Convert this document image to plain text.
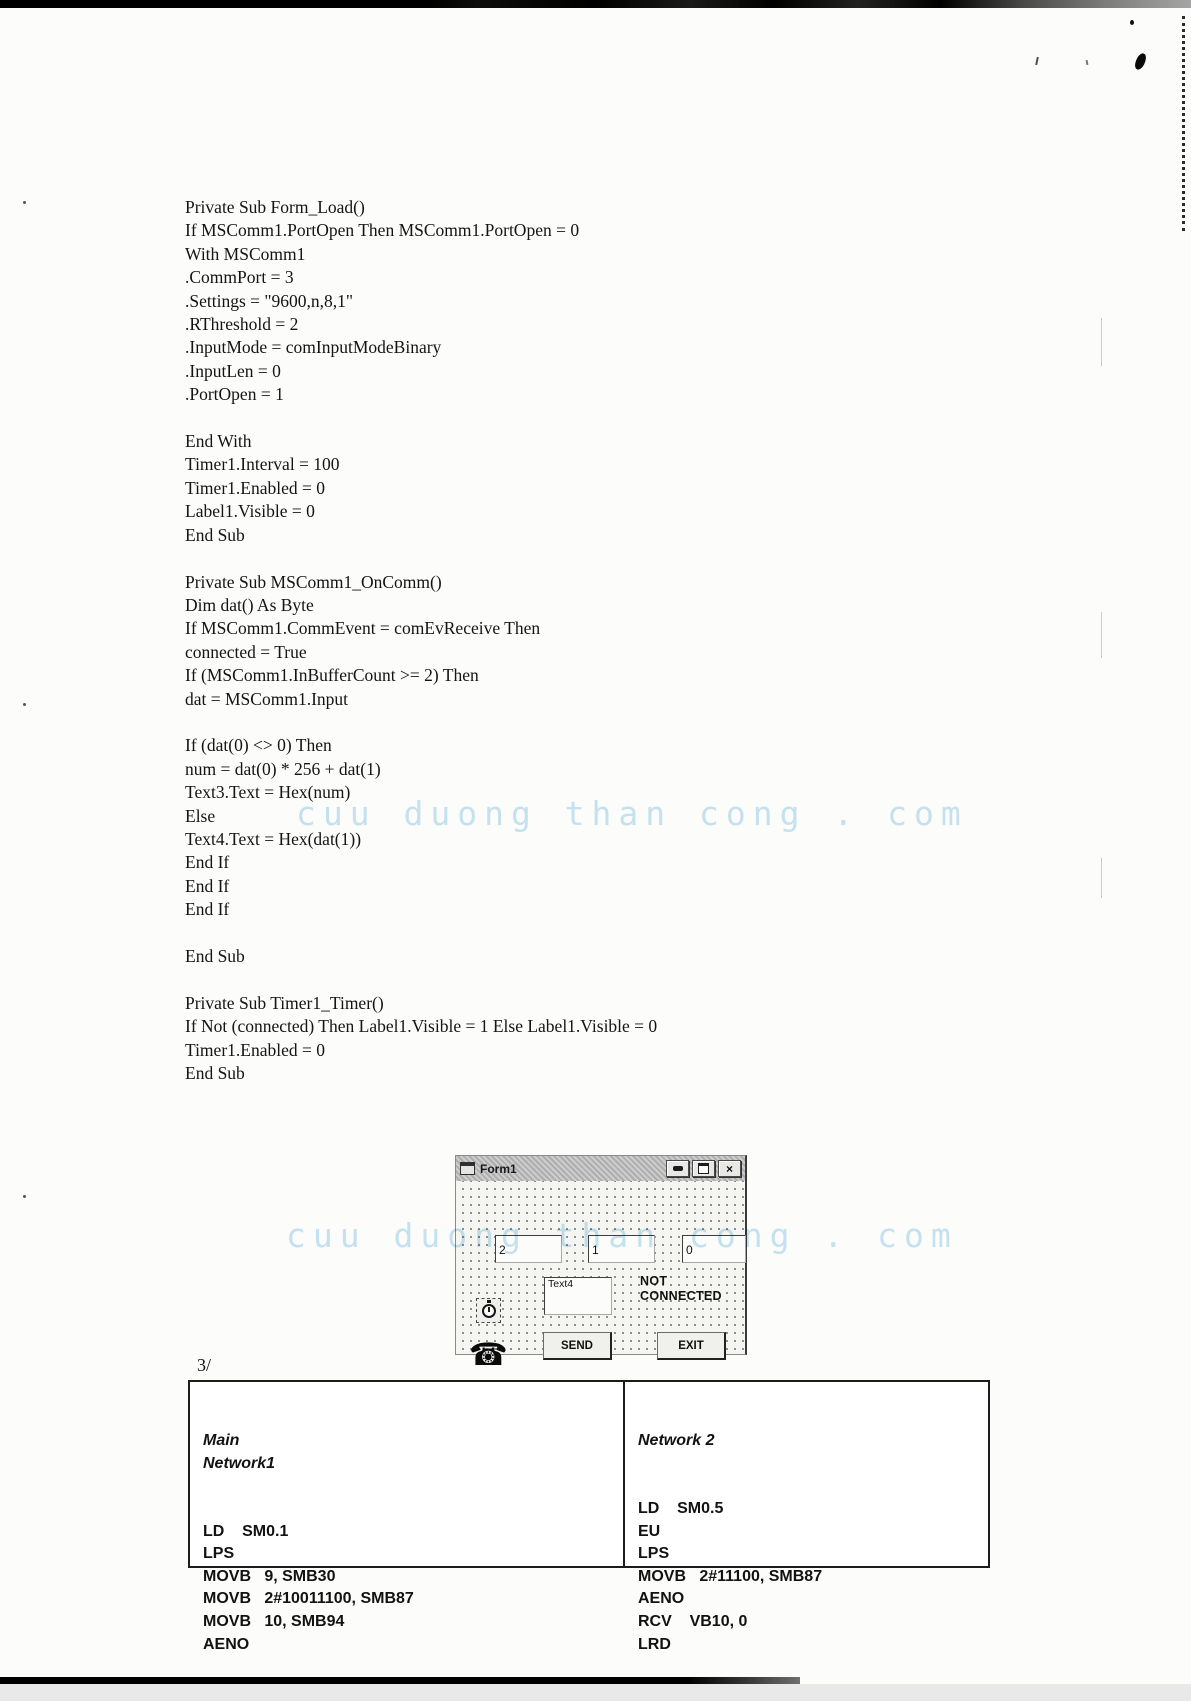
Private Sub Form_Load()
If MSComm1.PortOpen Then MSComm1.PortOpen = 0
With MSComm1
.CommPort = 3
.Settings = "9600,n,8,1"
.RThreshold = 2
.InputMode = comInputModeBinary
.InputLen = 0
.PortOpen = 1

End With
Timer1.Interval = 100
Timer1.Enabled = 0
Label1.Visible = 0
End Sub

Private Sub MSComm1_OnComm()
Dim dat() As Byte
If MSComm1.CommEvent = comEvReceive Then
connected = True
If (MSComm1.InBufferCount >= 2) Then
dat = MSComm1.Input

If (dat(0) <> 0) Then
num = dat(0) * 256 + dat(1)
Text3.Text = Hex(num)
Else
Text4.Text = Hex(dat(1))
End If
End If
End If

End Sub

Private Sub Timer1_Timer()
If Not (connected) Then Label1.Visible = 1 Else Label1.Visible = 0
Timer1.Enabled = 0
End Sub
cuu duong than cong . com
cuu duong than cong . com
Form1	×
2
1
0
Text4	NOT CONNECTED
☎	SEND	EXIT
3/

Main
Network1

LD    SM0.1
LPS
MOVB   9, SMB30
MOVB   2#10011100, SMB87
MOVB   10, SMB94
AENO

Network 2

LD    SM0.5
EU
LPS
MOVB   2#11100, SMB87
AENO
RCV    VB10, 0
LRD
